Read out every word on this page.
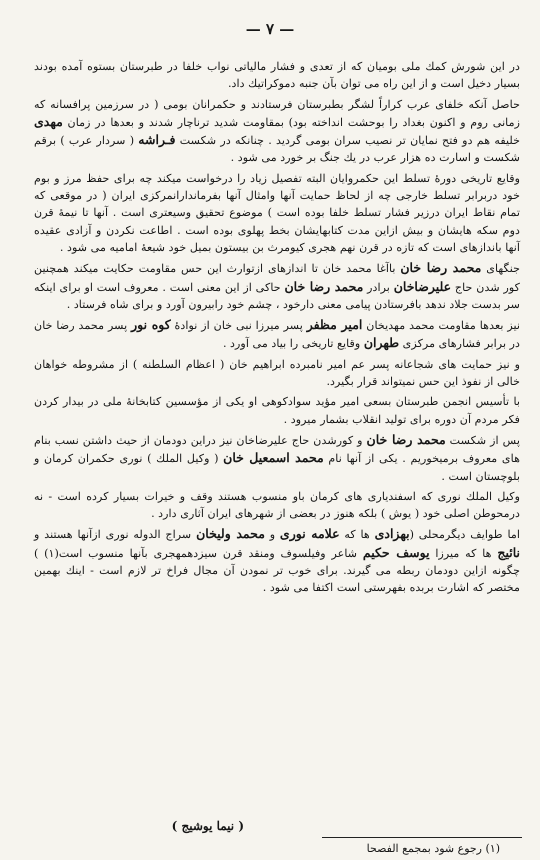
— ۷ —

در این شورش کمك ملی بومیان که از تعدی و فشار مالیاتی نواب خلفا در طبرستان بستوه آمده بودند بسیار دخیل است و از این راه می توان بآن جنبه دموکراتیك داد.

حاصل آنکه خلفای عرب کراراً لشگر بطبرستان فرستادند و حکمرانان بومی ( در سرزمین پرافسانه که زمانی روم و اکنون بغداد را بوحشت انداخته بود) بمقاومت شدید ترناچار شدند و بعدها در زمان مهدی خلیفه هم دو فتح نمایان تر نصیب سران بومی گردید . چنانکه در شکست فـراشه ( سردار عرب ) برقم شکست و اسارت ده هزار عرب در یك جنگ بر خورد می شود .

وقایع تاریخی دورهٔ تسلط این حکمروایان البته تفصیل زیاد را درخواست میکند چه برای حفظ مرز و بوم خود دربرابر تسلط خارجی چه از لحاظ حمایت آنها وامثال آنها بفرماندارانمرکزی ایران ( در موقعی که تمام نقاط ایران درزیر فشار تسلط خلفا بوده است ) موضوع تحقیق وسیعتری است . آنها تا نیمهٔ قرن دوم سکه هایشان و بیش ازاین مدت کتابهایشان بخط پهلوی بوده است . اطاعت نکردن و آزادی عقیده آنها باندازهای است که تازه در قرن نهم هجری کیومرث بن بیستون بمیل خود شیعهٔ امامیه می شود .

جنگهای محمد رضا خان باآغا محمد خان تا اندازهای ازتوارث این حس مقاومت حکایت میکند همچنین کور شدن حاج علیرضاخان برادر محمد رضا خان حاکی از این معنی است . معروف است او برای اینکه سر بدست جلاد ندهد بافرستادن پیامی معنی دارخود ، چشم خود رابیرون آورد و برای شاه فرستاد .

نیز بعدها مقاومت محمد مهدیخان امیر مظفر پسر میرزا نبی خان از نوادهٔ کوه نور پسر محمد رضا خان در برابر فشارهای مرکزی طهران وقایع تاریخی را بیاد می آورد .

و نیز حمایت های شجاعانه پسر عم امیر نامبرده ابراهیم خان ( اعظام السلطنه ) از مشروطه خواهان خالی از نفوذ این حس نمیتواند قرار بگیرد.

با تأسیس انجمن طبرستان بسعی امیر مؤید سوادکوهی او یکی از مؤسسین کتابخانهٔ ملی در بیدار کردن فکر مردم آن دوره برای تولید انقلاب بشمار میرود .

پس از شکست محمد رضا خان و کورشدن حاج علیرضاخان نیز دراین دودمان از حیث داشتن نسب بنام های معروف برمیخوریم . یکی از آنها نام محمد اسمعیل خان ( وکیل الملك ) نوری حکمران کرمان و بلوچستان است .

وکیل الملك نوری که اسفندیاری های کرمان باو منسوب هستند وقف و خیرات بسیار کرده است - نه درمحوطن اصلی خود ( یوش ) بلکه هنوز در بعضی از شهرهای ایران آثاری دارد .

اما طوایف دیگرمحلی (بهزادی ها که علامه نوری و محمد ولیخان سراج الدوله نوری ازآنها هستند و نائیج ها که میرزا یوسف حکیم شاعر وفیلسوف ومنقد قرن سیزدهمهجری بآنها منسوب است(۱) ) چگونه ازاین دودمان ربطه می گیرند. برای خوب تر نمودن آن مجال فراخ تر لازم است - اینك بهمین مختصر که اشارت بربده بفهرستی است اکتفا می شود .

( نیما یوشیج )
(۱) رجوع شود بمجمع الفصحا
